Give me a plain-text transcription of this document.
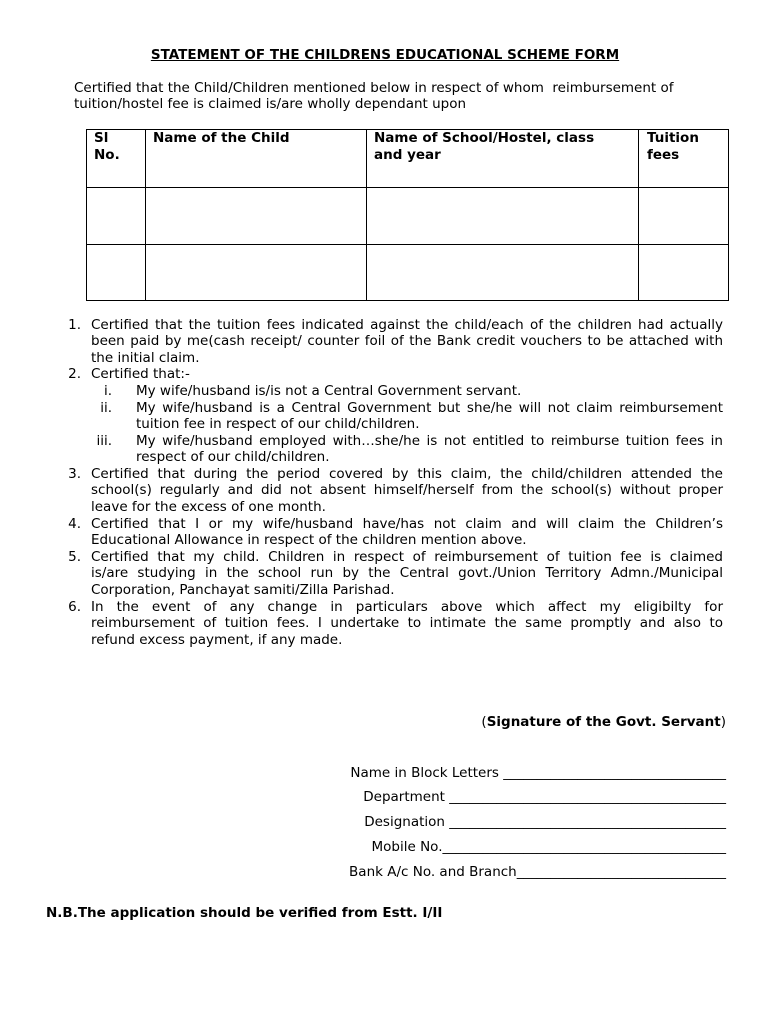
STATEMENT OF THE CHILDRENS EDUCATIONAL SCHEME FORM
Certified that the Child/Children mentioned below in respect of whom  reimbursement of
tuition/hostel fee is claimed is/are wholly dependant upon
Sl No.	Name of the Child	Name of School/Hostel, class and year	Tuition fees

1. Certified that the tuition fees indicated against the child/each of the children had actually
been paid by me(cash receipt/ counter foil of the Bank credit vouchers to be attached with
the initial claim.
2. Certified that:-
i. My wife/husband is/is not a Central Government servant.
ii. My wife/husband is a Central Government but she/he will not claim reimbursement
tuition fee in respect of our child/children.
iii. My wife/husband employed with…she/he is not entitled to reimburse tuition fees in
respect of our child/children.
3. Certified that during the period covered by this claim, the child/children attended the
school(s) regularly and did not absent himself/herself from the school(s) without proper
leave for the excess of one month.
4. Certified that I or my wife/husband have/has not claim and will claim the Children’s
Educational Allowance in respect of the children mention above.
5. Certified that my child. Children in respect of reimbursement of tuition fee is claimed
is/are studying in the school run by the Central govt./Union Territory Admn./Municipal
Corporation, Panchayat samiti/Zilla Parishad.
6. In the event of any change in particulars above which affect my eligibilty for
reimbursement of tuition fees. I undertake to intimate the same promptly and also to
refund excess payment, if any made.
(Signature of the Govt. Servant)
Name in Block Letters _________________________________
Department _________________________________________
Designation _________________________________________
Mobile No.__________________________________________
Bank A/c No. and Branch_______________________________
N.B.The application should be verified from Estt. I/II
